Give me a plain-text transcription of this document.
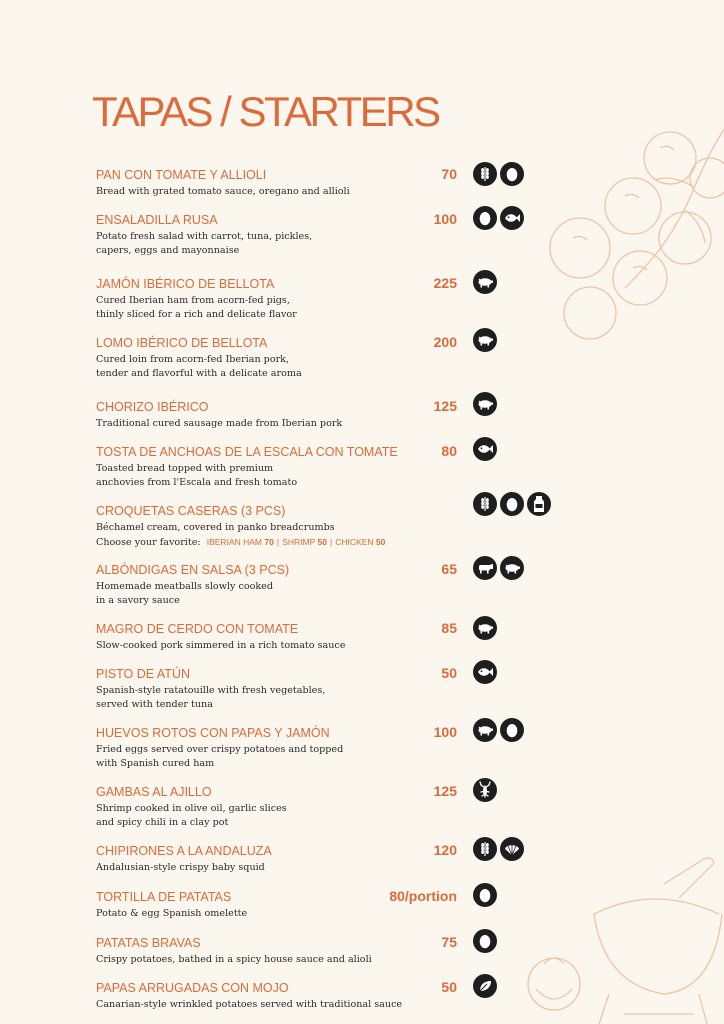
TAPAS / STARTERS
PAN CON TOMATE Y ALLIOLI
Bread with grated tomato sauce, oregano and allioli
70
ENSALADILLA RUSA
Potato fresh salad with carrot, tuna, pickles,
capers, eggs and mayonnaise
100
JAMÓN IBÉRICO DE BELLOTA
Cured Iberian ham from acorn-fed pigs,
thinly sliced for a rich and delicate flavor
225
LOMO IBÉRICO DE BELLOTA
Cured loin from acorn-fed Iberian pork,
tender and flavorful with a delicate aroma
200
CHORIZO IBÉRICO
Traditional cured sausage made from Iberian pork
125
TOSTA DE ANCHOAS DE LA ESCALA CON TOMATE
Toasted bread topped with premium
anchovies from l'Escala and fresh tomato
80
CROQUETAS CASERAS (3 PCS)
Béchamel cream, covered in panko breadcrumbs
Choose your favorite: IBERIAN HAM 70 | SHRIMP 50 | CHICKEN 50
ALBÓNDIGAS EN SALSA (3 PCS)
Homemade meatballs slowly cooked
in a savory sauce
65
MAGRO DE CERDO CON TOMATE
Slow-cooked pork simmered in a rich tomato sauce
85
PISTO DE ATÚN
Spanish-style ratatouille with fresh vegetables,
served with tender tuna
50
HUEVOS ROTOS CON PAPAS Y JAMÓN
Fried eggs served over crispy potatoes and topped
with Spanish cured ham
100
GAMBAS AL AJILLO
Shrimp cooked in olive oil, garlic slices
and spicy chili in a clay pot
125
CHIPIRONES A LA ANDALUZA
Andalusian-style crispy baby squid
120
TORTILLA DE PATATAS
Potato & egg Spanish omelette
80/portion
PATATAS BRAVAS
Crispy potatoes, bathed in a spicy house sauce and alioli
75
PAPAS ARRUGADAS CON MOJO
Canarian-style wrinkled potatoes served with traditional sauce
50
